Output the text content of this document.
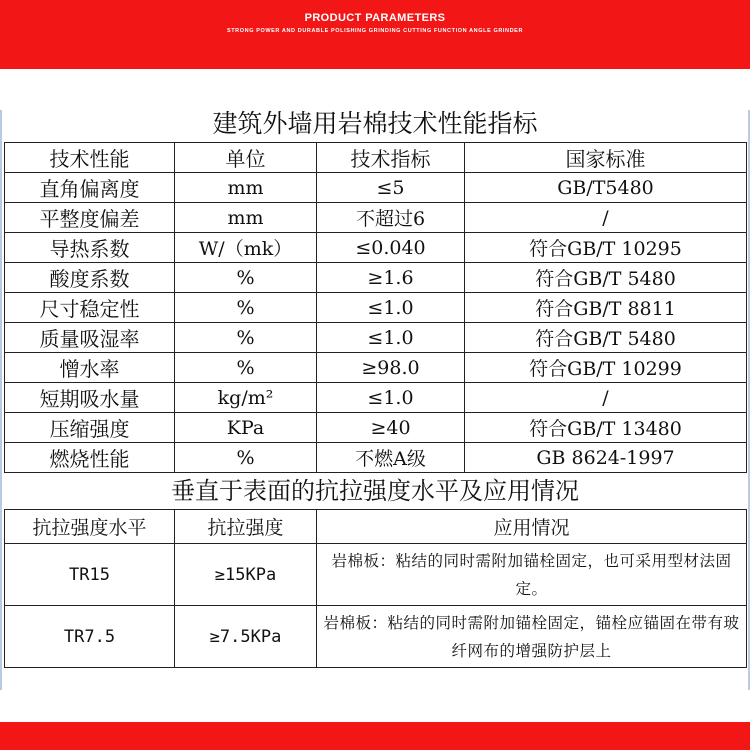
PRODUCT PARAMETERS
STRONG POWER AND DURABLE POLISHING GRINDING CUTTING FUNCTION ANGLE GRINDER
建筑外墙用岩棉技术性能指标
技术性能	单位	技术指标	国家标准
直角偏离度	mm	≤5	GB/T5480
平整度偏差	mm	不超过6	/
导热系数	W/（mk）	≤0.040	符合GB/T 10295
酸度系数	%	≥1.6	符合GB/T 5480
尺寸稳定性	%	≤1.0	符合GB/T 8811
质量吸湿率	%	≤1.0	符合GB/T 5480
憎水率	%	≥98.0	符合GB/T 10299
短期吸水量	kg/m²	≤1.0	/
压缩强度	KPa	≥40	符合GB/T 13480
燃烧性能	%	不燃A级	GB 8624-1997
垂直于表面的抗拉强度水平及应用情况
抗拉强度水平	抗拉强度	应用情况
TR15	≥15KPa	岩棉板：粘结的同时需附加锚栓固定，也可采用型材法固定。
TR7.5	≥7.5KPa	岩棉板：粘结的同时需附加锚栓固定，锚栓应锚固在带有玻纤网布的增强防护层上
